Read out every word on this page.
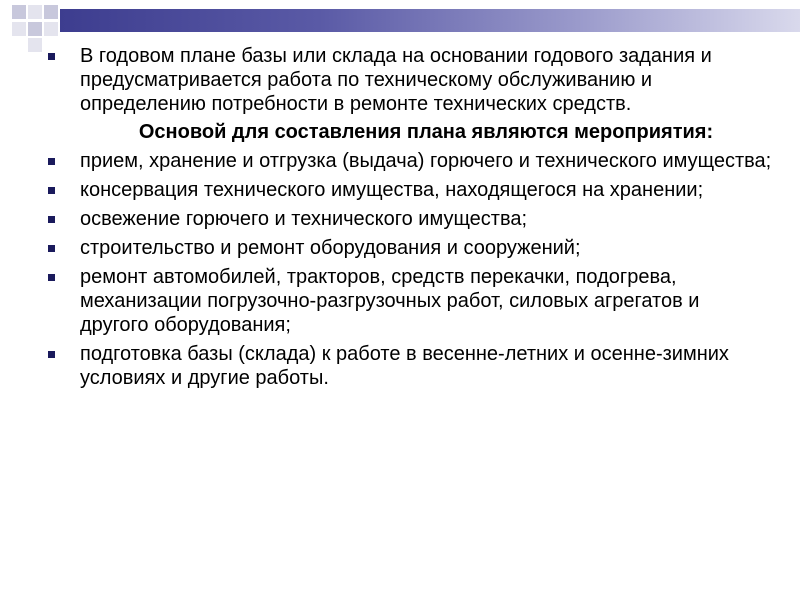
В годовом плане базы или склада на основании годового задания и предусматривается работа по техническому обслуживанию и определению потребности в ремонте технических средств.
Основой для составления плана являются мероприятия:
прием, хранение и отгрузка (выдача) горючего и технического имущества;
консервация технического имущества, находящегося на хранении;
освежение горючего и технического имущества;
строительство и ремонт оборудования и сооружений;
ремонт автомобилей, тракторов, средств перекачки, подогрева, механизации погрузочно-разгрузочных работ, силовых агрегатов и другого оборудования;
подготовка базы (склада) к работе в весенне-летних и осенне-зимних условиях и другие работы.
